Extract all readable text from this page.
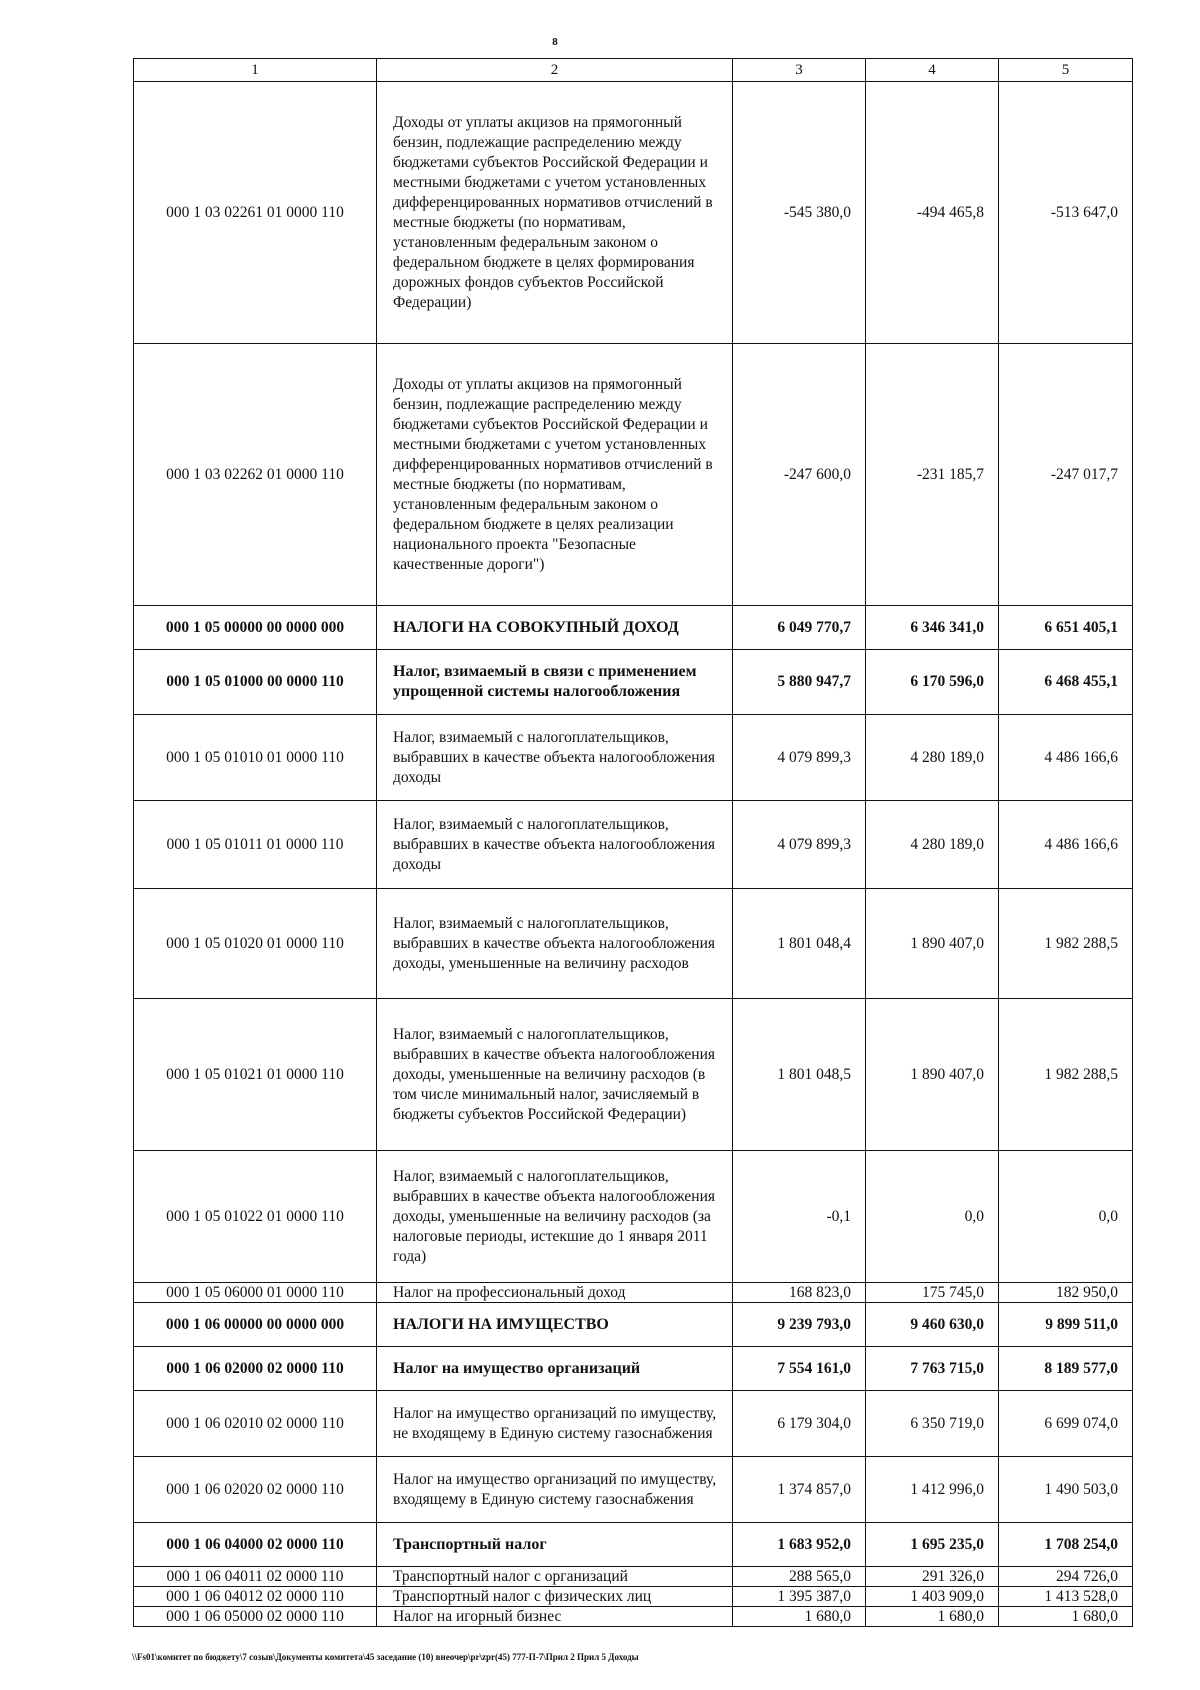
8
1	2	3	4	5
000 1 03 02261 01 0000 110	Доходы от уплаты акцизов на прямогонный бензин, подлежащие распределению между бюджетами субъектов Российской Федерации и местными бюджетами с учетом установленных дифференцированных нормативов отчислений в местные бюджеты (по нормативам, установленным федеральным законом о федеральном бюджете в целях формирования дорожных фондов субъектов Российской Федерации)	-545 380,0	-494 465,8	-513 647,0
000 1 03 02262 01 0000 110	Доходы от уплаты акцизов на прямогонный бензин, подлежащие распределению между бюджетами субъектов Российской Федерации и местными бюджетами с учетом установленных дифференцированных нормативов отчислений в местные бюджеты (по нормативам, установленным федеральным законом о федеральном бюджете в целях реализации национального проекта "Безопасные качественные дороги")	-247 600,0	-231 185,7	-247 017,7
000 1 05 00000 00 0000 000	НАЛОГИ НА СОВОКУПНЫЙ ДОХОД	6 049 770,7	6 346 341,0	6 651 405,1
000 1 05 01000 00 0000 110	Налог, взимаемый в связи с применением упрощенной системы налогообложения	5 880 947,7	6 170 596,0	6 468 455,1
000 1 05 01010 01 0000 110	Налог, взимаемый с налогоплательщиков, выбравших в качестве объекта налогообложения доходы	4 079 899,3	4 280 189,0	4 486 166,6
000 1 05 01011 01 0000 110	Налог, взимаемый с налогоплательщиков, выбравших в качестве объекта налогообложения доходы	4 079 899,3	4 280 189,0	4 486 166,6
000 1 05 01020 01 0000 110	Налог, взимаемый с налогоплательщиков, выбравших в качестве объекта налогообложения доходы, уменьшенные на величину расходов	1 801 048,4	1 890 407,0	1 982 288,5
000 1 05 01021 01 0000 110	Налог, взимаемый с налогоплательщиков, выбравших в качестве объекта налогообложения доходы, уменьшенные на величину расходов (в том числе минимальный налог, зачисляемый в бюджеты субъектов Российской Федерации)	1 801 048,5	1 890 407,0	1 982 288,5
000 1 05 01022 01 0000 110	Налог, взимаемый с налогоплательщиков, выбравших в качестве объекта налогообложения доходы, уменьшенные на величину расходов (за налоговые периоды, истекшие до 1 января 2011 года)	-0,1	0,0	0,0
000 1 05 06000 01 0000 110	Налог на профессиональный доход	168 823,0	175 745,0	182 950,0
000 1 06 00000 00 0000 000	НАЛОГИ НА ИМУЩЕСТВО	9 239 793,0	9 460 630,0	9 899 511,0
000 1 06 02000 02 0000 110	Налог на имущество организаций	7 554 161,0	7 763 715,0	8 189 577,0
000 1 06 02010 02 0000 110	Налог на имущество организаций по имуществу, не входящему в Единую систему газоснабжения	6 179 304,0	6 350 719,0	6 699 074,0
000 1 06 02020 02 0000 110	Налог на имущество организаций по имуществу, входящему в Единую систему газоснабжения	1 374 857,0	1 412 996,0	1 490 503,0
000 1 06 04000 02 0000 110	Транспортный налог	1 683 952,0	1 695 235,0	1 708 254,0
000 1 06 04011 02 0000 110	Транспортный налог с организаций	288 565,0	291 326,0	294 726,0
000 1 06 04012 02 0000 110	Транспортный налог с физических лиц	1 395 387,0	1 403 909,0	1 413 528,0
000 1 06 05000 02 0000 110	Налог на игорный бизнес	1 680,0	1 680,0	1 680,0
\\Fs01\комитет по бюджету\7 созыв\Документы комитета\45 заседание (10) внеочер\pr\zpr(45) 777-П-7\Прил 2 Прил 5 Доходы
